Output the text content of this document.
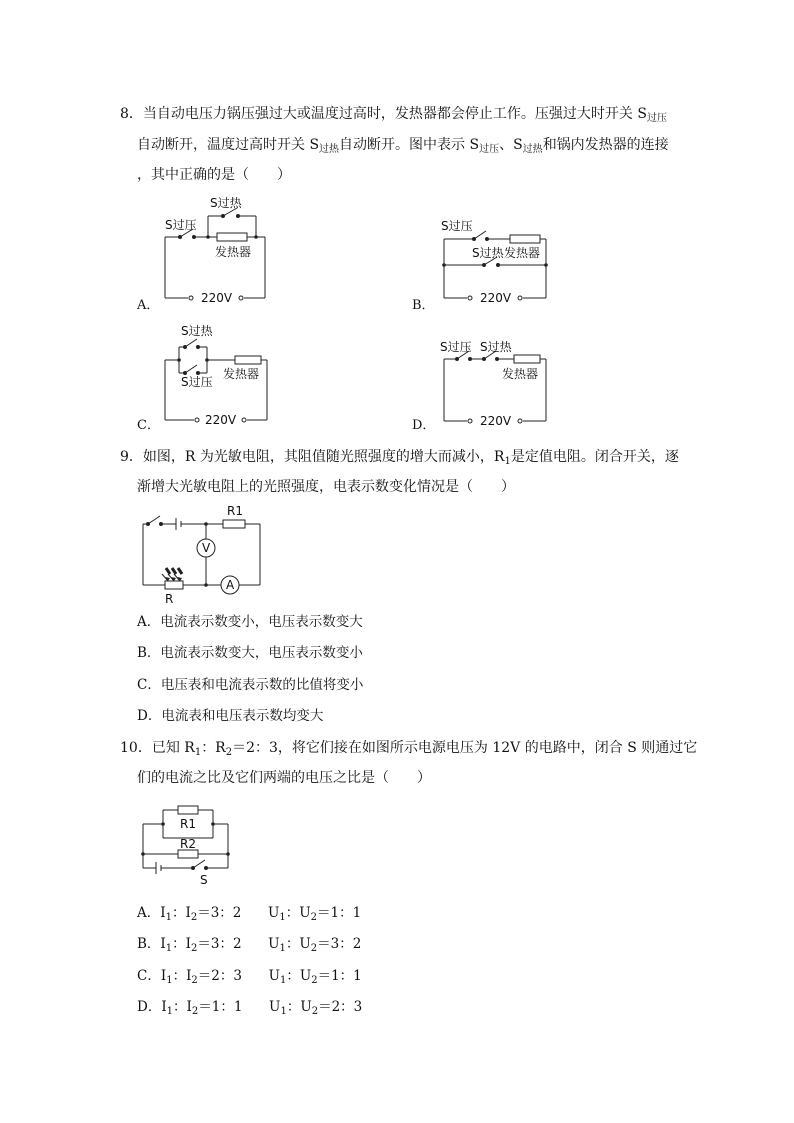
8．当自动电压力锅压强过大或温度过高时，发热器都会停止工作。压强过大时开关 $S_{过压}$
自动断开，温度过高时开关 $S_{过热}$自动断开。图中表示 $S_{过压}$、$S_{过热}$和锅内发热器的连接
，其中正确的是（　　）
A．
S过压
S过热
发热器
220V	B．
S过压
S过热 发热器
220V
C．
S过热
S过压
发热器
220V	D．
S过压 S过热
发热器
220V
9．如图，R 为光敏电阻，其阻值随光照强度的增大而减小，$R_1$是定值电阻。闭合开关，逐
渐增大光敏电阻上的光照强度，电表示数变化情况是（　　）
R1
V
A
R
A．电流表示数变小，电压表示数变大
B．电流表示数变大，电压表示数变小
C．电压表和电流表示数的比值将变小
D．电流表和电压表示数均变大
10．已知 $R_1$：$R_2=2$：3，将它们接在如图所示电源电压为 12V 的电路中，闭合 S 则通过它
们的电流之比及它们两端的电压之比是（　　）
R1
R2
S
A．$I_1$：$I_2=3$：2 $U_1$：$U_2=1$：1
B．$I_1$：$I_2=3$：2 $U_1$：$U_2=3$：2
C．$I_1$：$I_2=2$：3 $U_1$：$U_2=1$：1
D．$I_1$：$I_2=1$：1 $U_1$：$U_2=2$：3
